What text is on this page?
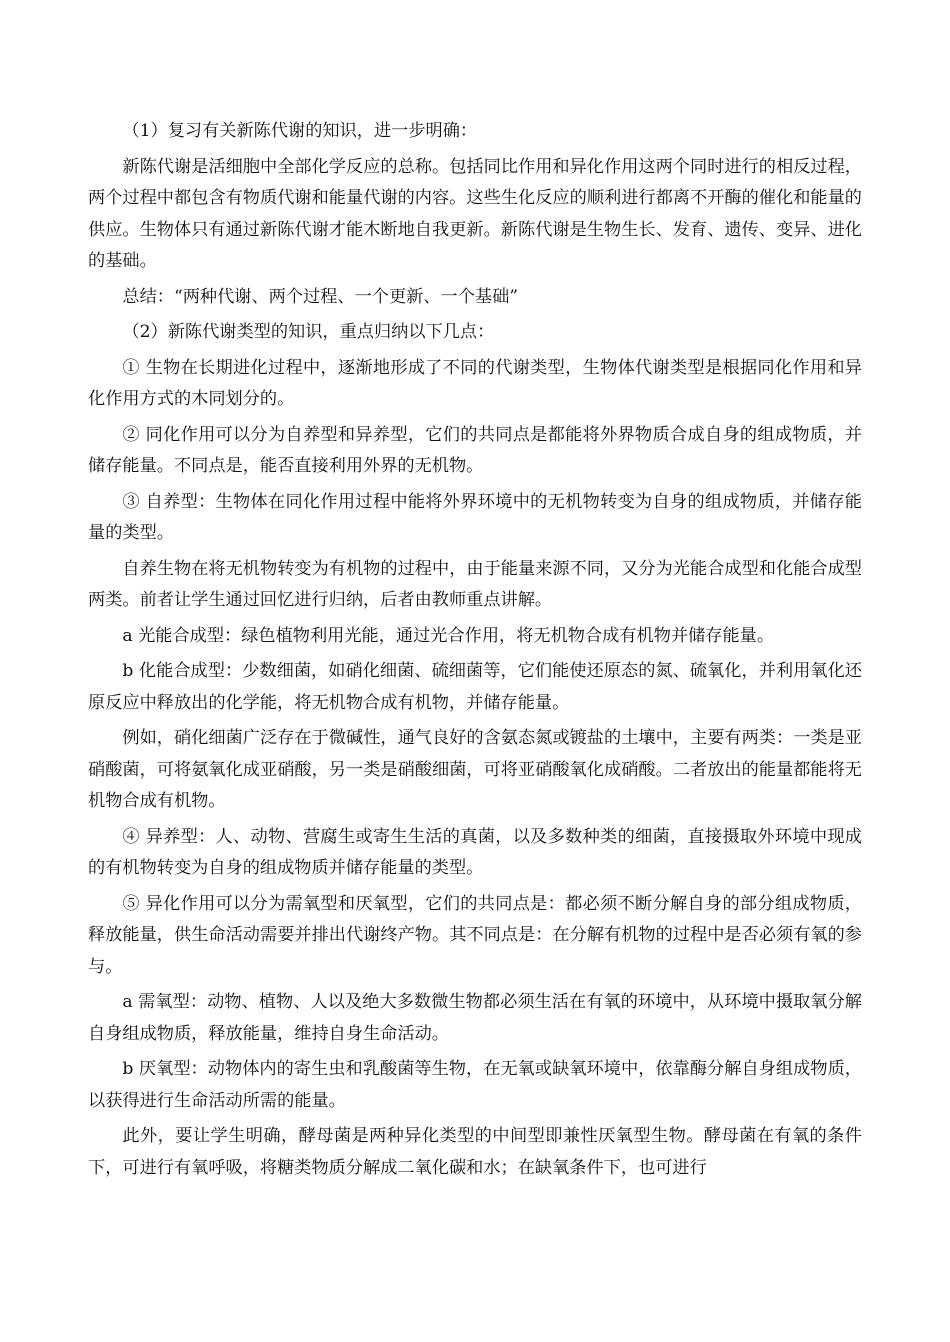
（1）复习有关新陈代谢的知识，进一步明确：

新陈代谢是活细胞中全部化学反应的总称。包括同比作用和异化作用这两个同时进行的相反过程，两个过程中都包含有物质代谢和能量代谢的内容。这些生化反应的顺利进行都离不开酶的催化和能量的供应。生物体只有通过新陈代谢才能木断地自我更新。新陈代谢是生物生长、发育、遗传、变异、进化的基础。

总结：“两种代谢、两个过程、一个更新、一个基础”

（2）新陈代谢类型的知识，重点归纳以下几点：

① 生物在长期进化过程中，逐渐地形成了不同的代谢类型，生物体代谢类型是根据同化作用和异化作用方式的木同划分的。

② 同化作用可以分为自养型和异养型，它们的共同点是都能将外界物质合成自身的组成物质，并储存能量。不同点是，能否直接利用外界的无机物。

③ 自养型：生物体在同化作用过程中能将外界环境中的无机物转变为自身的组成物质，并储存能量的类型。

自养生物在将无机物转变为有机物的过程中，由于能量来源不同，又分为光能合成型和化能合成型两类。前者让学生通过回忆进行归纳，后者由教师重点讲解。

a 光能合成型：绿色植物利用光能，通过光合作用，将无机物合成有机物并储存能量。

b 化能合成型：少数细菌，如硝化细菌、硫细菌等，它们能使还原态的氮、硫氧化，并利用氧化还原反应中释放出的化学能，将无机物合成有机物，并储存能量。

例如，硝化细菌广泛存在于微碱性，通气良好的含氨态氮或镀盐的土壤中，主要有两类：一类是亚硝酸菌，可将氨氧化成亚硝酸，另一类是硝酸细菌，可将亚硝酸氧化成硝酸。二者放出的能量都能将无机物合成有机物。

④ 异养型：人、动物、营腐生或寄生生活的真菌，以及多数种类的细菌，直接摄取外环境中现成的有机物转变为自身的组成物质并储存能量的类型。

⑤ 异化作用可以分为需氧型和厌氧型，它们的共同点是：都必须不断分解自身的部分组成物质，释放能量，供生命活动需要并排出代谢终产物。其不同点是：在分解有机物的过程中是否必须有氧的参与。

a 需氧型：动物、植物、人以及绝大多数微生物都必须生活在有氧的环境中，从环境中摄取氧分解自身组成物质，释放能量，维持自身生命活动。

b 厌氧型：动物体内的寄生虫和乳酸菌等生物，在无氧或缺氧环境中，依靠酶分解自身组成物质，以获得进行生命活动所需的能量。

此外，要让学生明确，酵母菌是两种异化类型的中间型即兼性厌氧型生物。酵母菌在有氧的条件下，可进行有氧呼吸，将糖类物质分解成二氧化碳和水；在缺氧条件下，也可进行
